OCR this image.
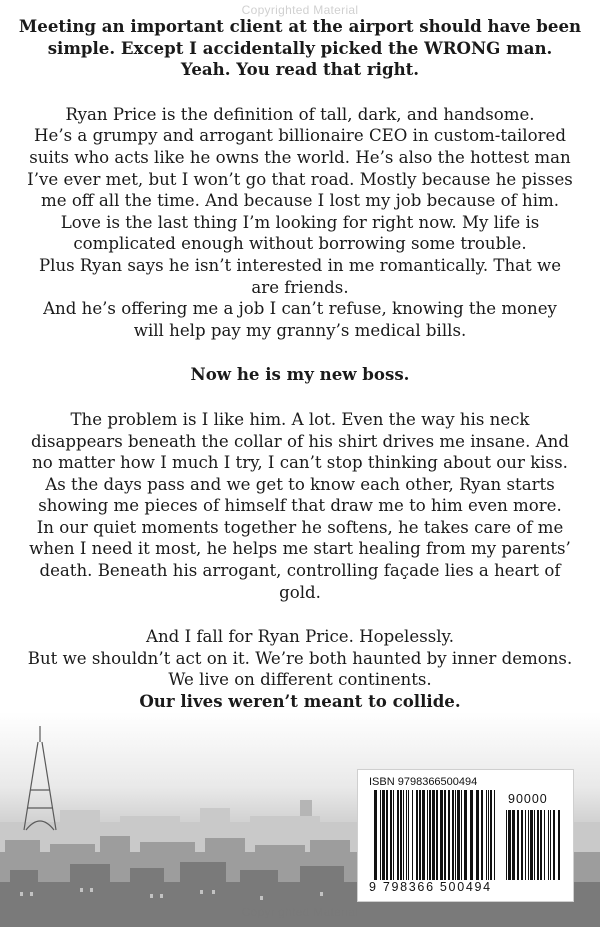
Copyrighted Material

Meeting an important client at the airport should have been
simple. Except I accidentally picked the WRONG man.
Yeah. You read that right.

Ryan Price is the definition of tall, dark, and handsome.
He’s a grumpy and arrogant billionaire CEO in custom-tailored
suits who acts like he owns the world. He’s also the hottest man
I’ve ever met, but I won’t go that road. Mostly because he pisses
me off all the time. And because I lost my job because of him.
Love is the last thing I’m looking for right now. My life is
complicated enough without borrowing some trouble.
Plus Ryan says he isn’t interested in me romantically. That we
are friends.
And he’s offering me a job I can’t refuse, knowing the money
will help pay my granny’s medical bills.

Now he is my new boss.

The problem is I like him. A lot. Even the way his neck
disappears beneath the collar of his shirt drives me insane. And
no matter how I much I try, I can’t stop thinking about our kiss.
As the days pass and we get to know each other, Ryan starts
showing me pieces of himself that draw me to him even more.
In our quiet moments together he softens, he takes care of me
when I need it most, he helps me start healing from my parents’
death. Beneath his arrogant, controlling façade lies a heart of
gold.

And I fall for Ryan Price. Hopelessly.
But we shouldn’t act on it. We’re both haunted by inner demons.
We live on different continents.
Our lives weren’t meant to collide.

ISBN 9798366500494
90000
9 798366 500494
Copyrighted Material
